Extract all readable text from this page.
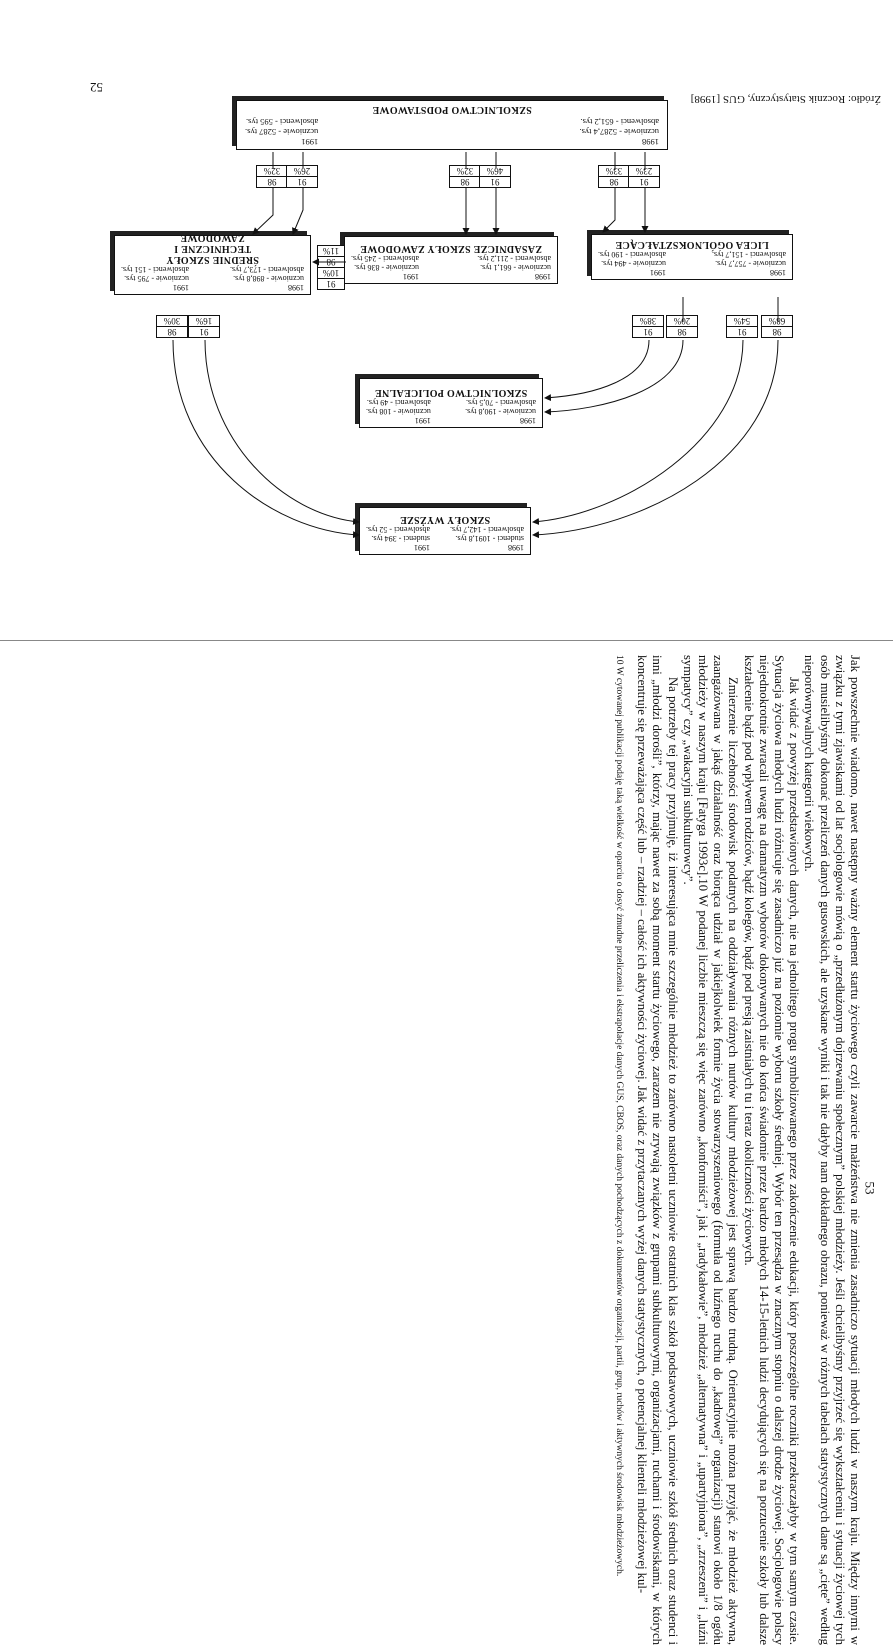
52
Źródło: Rocznik Statystyczny, GUS [1998]
1998
uczniowie - 5287,4 tys.
absolwenci - 651,2 tys.
1991
uczniowie - 5287 tys.
absolwenci - 595 tys.
SZKOLNICTWO PODSTAWOWE
1998
uczniowie - 757,7 tys.
absolwenci - 151,7 tys.
1991
uczniowie - 494 tys.
absolwenci - 190 tys.
LICEA OGÓLNOKSZTAŁCĄCE
1998
uczniowie - 661,1 tys.
absolwenci - 211,2 tys.
1991
uczniowie - 836 tys.
absolwenci - 245 tys.
ZASADNICZE SZKOŁY ZAWODOWE
1998
uczniowie - 898,8 tys.
absolwenci - 173,7 tys.
1991
uczniowie - 795 tys.
absolwenci - 151 tys.
ŚREDNIE SZKOŁY TECHNICZNE I ZAWODOWE
1998
uczniowie - 190,8 tys.
absolwenci - 70,5 tys.
1991
uczniowie - 108 tys.
absolwenci - 49 tys.
SZKOLNICTWO POLICEALNE
1998
studenci - 1091,8 tys.
absolwenci - 142,7 tys.
1991
studenci - 394 tys.
absolwenci - 52 tys.
SZKOŁY WYŻSZE
98
33%
91
23%
98
32%
91
46%
98
32%
91
26%
98
68%
91
54%
98
20%
91
38%
98
11%
91
10%
98
30%
91
16%

Jak powszechnie wiadomo, nawet następny ważny element startu życiowego czyli zawarcie małżeństwa nie zmienia zasadniczo sytuacji młodych ludzi w naszym kraju. Między innymi w związku z tymi zjawiskami od lat socjologowie mówią o „przedłużonym dojrzewaniu społecznym” polskiej młodzieży. Jeśli chcielibyśmy przyjrzeć się wykształceniu i sytuacji życiowej tych osób musielibyśmy dokonać przeliczeń danych gusowskich, ale uzyskane wyniki i tak nie dałyby nam dokładnego obrazu, ponieważ w różnych tabelach statystycznych dane są „cięte” według nieporównywalnych kategorii wiekowych.

Jak widać z powyżej przedstawionych danych, nie na jednolitego progu symbolizowanego przez zakończenie edukacji, który poszczególne roczniki przekraczałyby w tym samym czasie. Sytuacja życiowa młodych ludzi różnicuje się zasadniczo już na poziomie wyboru szkoły średniej. Wybór ten przesądza w znacznym stopniu o dalszej drodze życiowej. Socjologowie polscy niejednokrotnie zwracali uwagę na dramatyzm wyborów dokonywanych nie do końca świadomie przez bardzo młodych 14-15-letnich ludzi decydujących się na porzucenie szkoły lub dalsze kształcenie bądź pod wpływem rodziców, bądź kolegów, bądź pod presją zaistniałych tu i teraz okoliczności życiowych.

Zmierzenie liczebności środowisk podatnych na oddziaływania różnych nurtów kultury młodzieżowej jest sprawą bardzo trudną. Orientacyjnie można przyjąć, że młodzież aktywna, zaangażowana w jakąś działalność oraz biorąca udział w jakiejkolwiek formie życia stowarzyszeniowego (formuła od luźnego ruchu do „kadrowej” organizacji) stanowi około 1/8 ogółu młodzieży w naszym kraju [Fatyga 1993c].10 W podanej liczbie mieszczą się więc zarówno „konformiści”, jak i „radykałowie”, młodzież „alternatywna” i „upartyjniona”, „zrzeszeni” i „luźni sympatycy” czy „wakacyjni subkulturowcy”.

Na potrzeby tej pracy przyjmuję, iż interesująca mnie szczególnie młodzież to zarówno nastoletni uczniowie ostatnich klas szkół podstawowych, uczniowie szkół średnich oraz studenci i inni „młodzi dorośli”, którzy, mając nawet za sobą moment startu życiowego, zarazem nie zrywają związków z grupami subkulturowymi, organizacjami, ruchami i środowiskami, w których koncentruje się przeważająca część lub – rzadziej – całość ich aktywności życiowej. Jak widać z przytaczanych wyżej danych statystycznych, o potencjalnej klienteli młodzieżowej kul-

10 W cytowanej publikacji podaję taką wielkość w oparciu o dosyć żmudne przeliczenia i ekstrapolacje danych GUS, CBOS, oraz danych pochodzących z dokumentów organizacji, partii, grup, ruchów i aktywnych środowisk młodzieżowych.	53
